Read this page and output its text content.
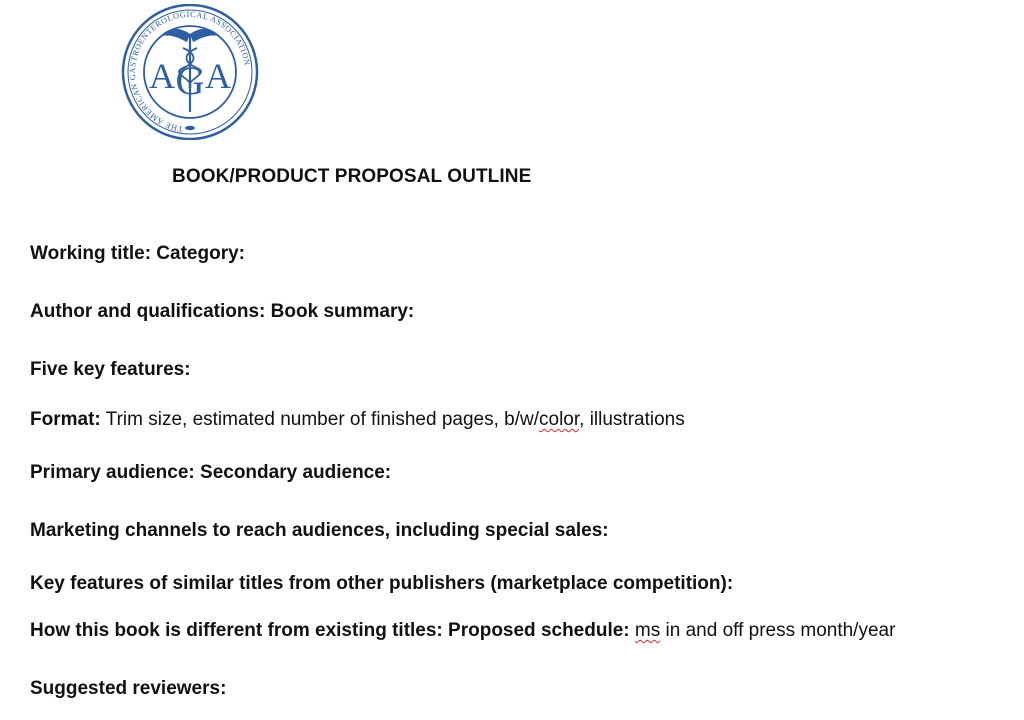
THE AMERICAN GASTROENTEROLOGICAL ASSOCIATION
A G A
BOOK/PRODUCT PROPOSAL OUTLINE
Working title: Category:
Author and qualifications: Book summary:
Five key features:
Format: Trim size, estimated number of finished pages, b/w/color, illustrations
Primary audience: Secondary audience:
Marketing channels to reach audiences, including special sales:
Key features of similar titles from other publishers (marketplace competition):
How this book is different from existing titles: Proposed schedule: ms in and off press month/year
Suggested reviewers:
